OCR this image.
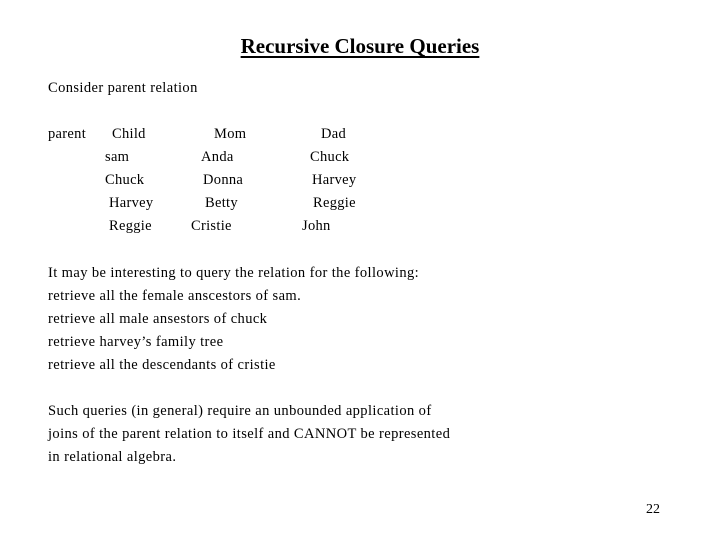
Recursive Closure Queries
Consider parent relation
parent Child	Mom	Dad
sam	Anda	Chuck
Chuck	Donna	Harvey
Harvey	Betty	Reggie
Reggie	Cristie	John
It may be interesting to query the relation for the following:
retrieve all the female anscestors of sam.
retrieve all male ansestors of chuck
retrieve harvey’s family tree
retrieve all the descendants of cristie
Such queries (in general) require an unbounded application of
joins of the parent relation to itself and CANNOT be represented
in relational algebra.
22
